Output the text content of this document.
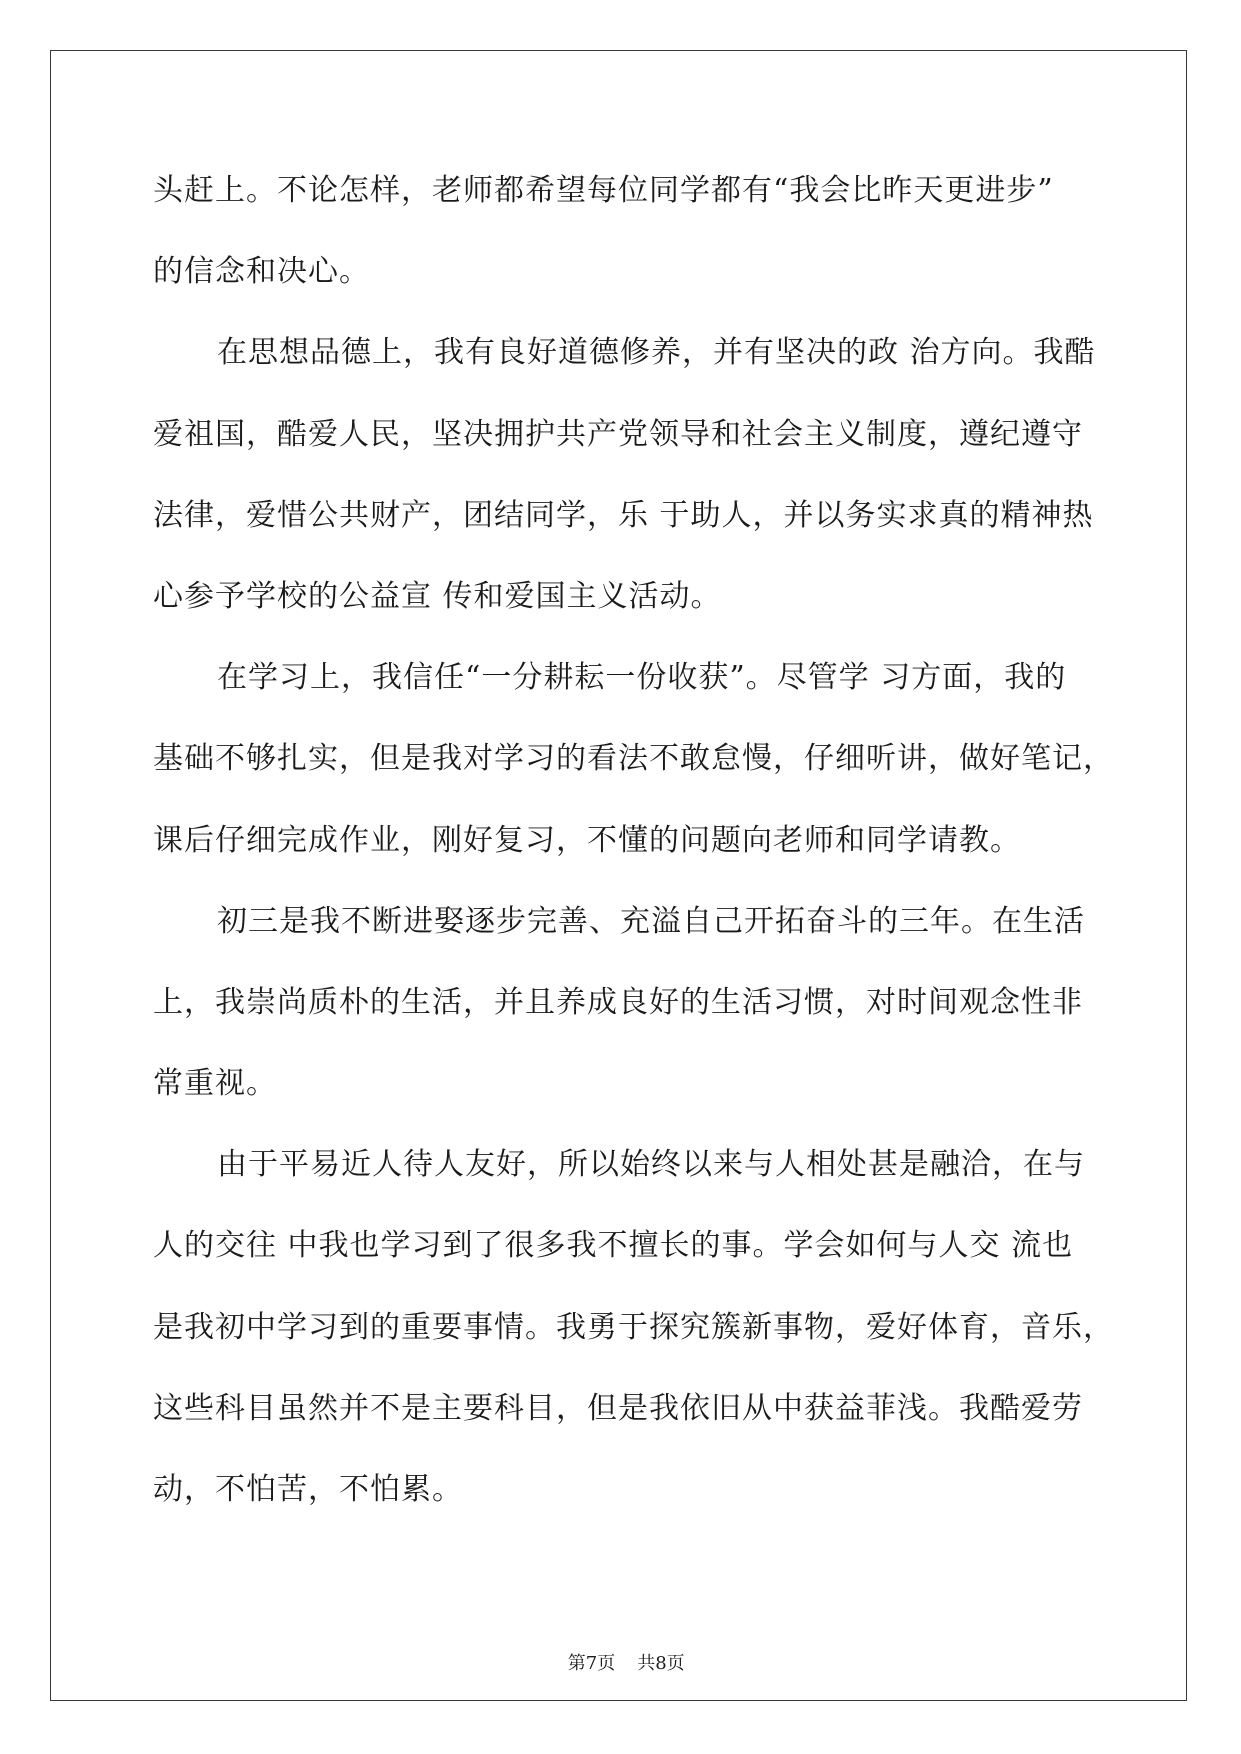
头赶上。不论怎样，老师都希望每位同学都有“我会比昨天更进步”
的信念和决心。
在思想品德上，我有良好道德修养，并有坚决的政 治方向。我酷
爱祖国，酷爱人民，坚决拥护共产党领导和社会主义制度，遵纪遵守
法律，爱惜公共财产，团结同学，乐 于助人，并以务实求真的精神热
心参予学校的公益宣 传和爱国主义活动。
在学习上，我信任“一分耕耘一份收获”。尽管学 习方面，我的
基础不够扎实，但是我对学习的看法不敢怠慢，仔细听讲，做好笔记，
课后仔细完成作业，刚好复习，不懂的问题向老师和同学请教。
初三是我不断进娶逐步完善、充溢自己开拓奋斗的三年。在生活
上，我崇尚质朴的生活，并且养成良好的生活习惯，对时间观念性非
常重视。
由于平易近人待人友好，所以始终以来与人相处甚是融洽，在与
人的交往 中我也学习到了很多我不擅长的事。学会如何与人交 流也
是我初中学习到的重要事情。我勇于探究簇新事物，爱好体育，音乐，
这些科目虽然并不是主要科目，但是我依旧从中获益菲浅。我酷爱劳
动，不怕苦，不怕累。

第7页 共8页
